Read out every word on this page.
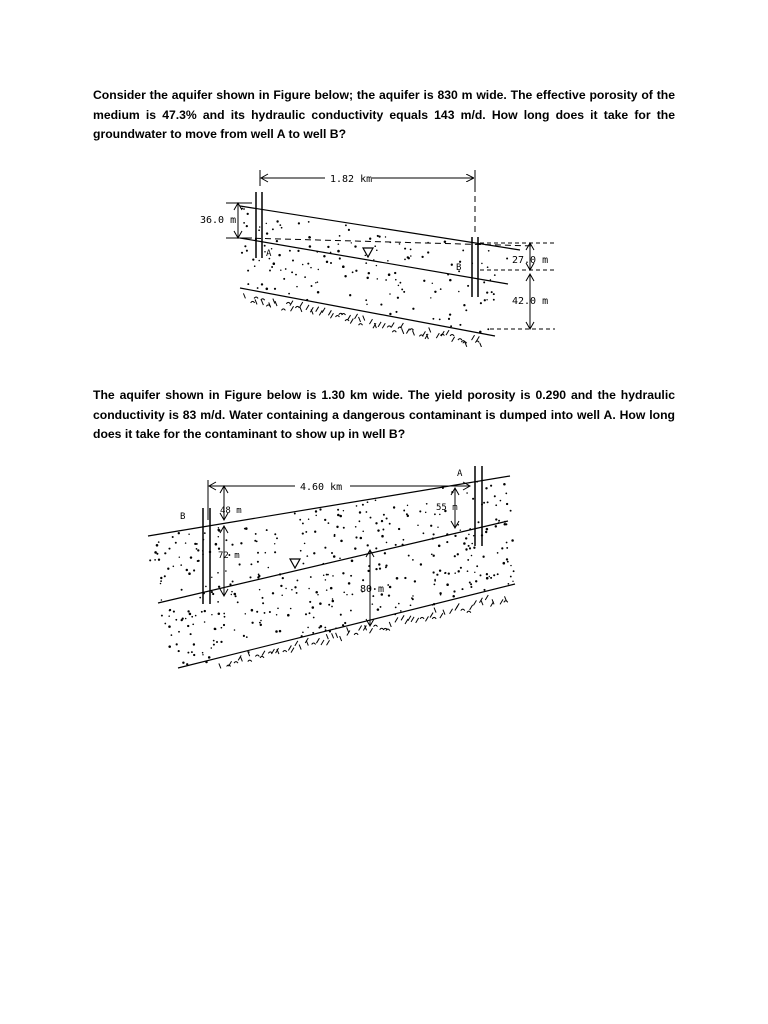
Consider the aquifer shown in Figure below; the aquifer is 830 m wide. The effective porosity of the medium is 47.3% and its hydraulic conductivity equals 143 m/d. How long does it take for the groundwater to move from well A to well B?

1.82 km
36.0 m
27.0 m
42.0 m
A
B

The aquifer shown in Figure below is 1.30 km wide. The yield porosity is 0.290 and the hydraulic conductivity is 83 m/d. Water containing a dangerous contaminant is dumped into well A. How long does it take for the contaminant to show up in well B?

4.60 km
48 m	55 m
72 m
80 m
B
A
